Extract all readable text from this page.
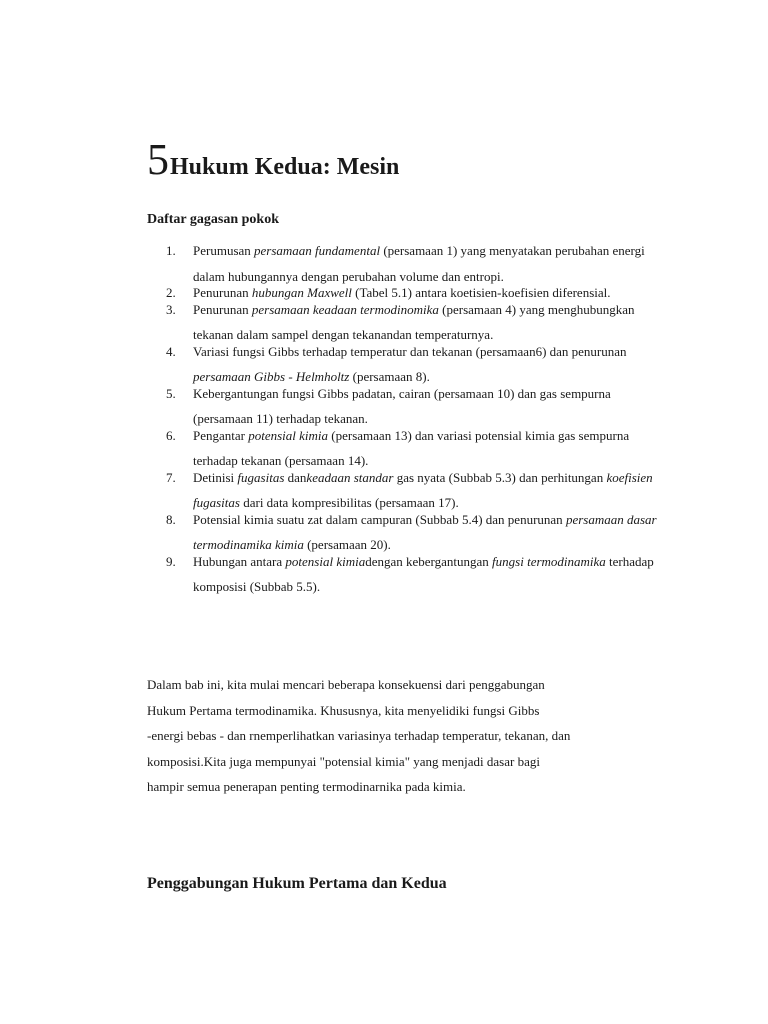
5Hukum Kedua: Mesin
Daftar gagasan pokok
1.	Perumusan persamaan fundamental (persamaan 1) yang menyatakan perubahan energi dalam hubungannya dengan perubahan volume dan entropi.
2.	Penurunan hubungan Maxwell (Tabel 5.1) antara koetisien-koefisien diferensial.
3.	Penurunan persamaan keadaan termodinomika (persamaan 4) yang menghubungkan tekanan dalam sampel dengan tekanandan temperaturnya.
4.	Variasi fungsi Gibbs terhadap temperatur dan tekanan (persamaan6) dan penurunan persamaan Gibbs - Helmholtz (persamaan 8).
5.	Kebergantungan fungsi Gibbs padatan, cairan (persamaan 10) dan gas sempurna (persamaan 11) terhadap tekanan.
6.	Pengantar potensial kimia (persamaan 13) dan variasi potensial kimia gas sempurna terhadap tekanan (persamaan 14).
7.	Detinisi fugasitas dankeadaan standar gas nyata (Subbab 5.3) dan perhitungan koefisien fugasitas dari data kompresibilitas (persamaan 17).
8.	Potensial kimia suatu zat dalam campuran (Subbab 5.4) dan penurunan persamaan dasar termodinamika kimia (persamaan 20).
9.	Hubungan antara potensial kimiadengan kebergantungan fungsi termodinamika terhadap komposisi (Subbab 5.5).

Dalam bab ini, kita mulai mencari beberapa konsekuensi dari penggabungan
Hukum Pertama termodinamika. Khususnya, kita menyelidiki fungsi Gibbs
-energi bebas - dan rnemperlihatkan variasinya terhadap temperatur, tekanan, dan
komposisi.Kita juga mempunyai "potensial kimia" yang menjadi dasar bagi
hampir semua penerapan penting termodinarnika pada kimia.

Penggabungan Hukum Pertama dan Kedua
